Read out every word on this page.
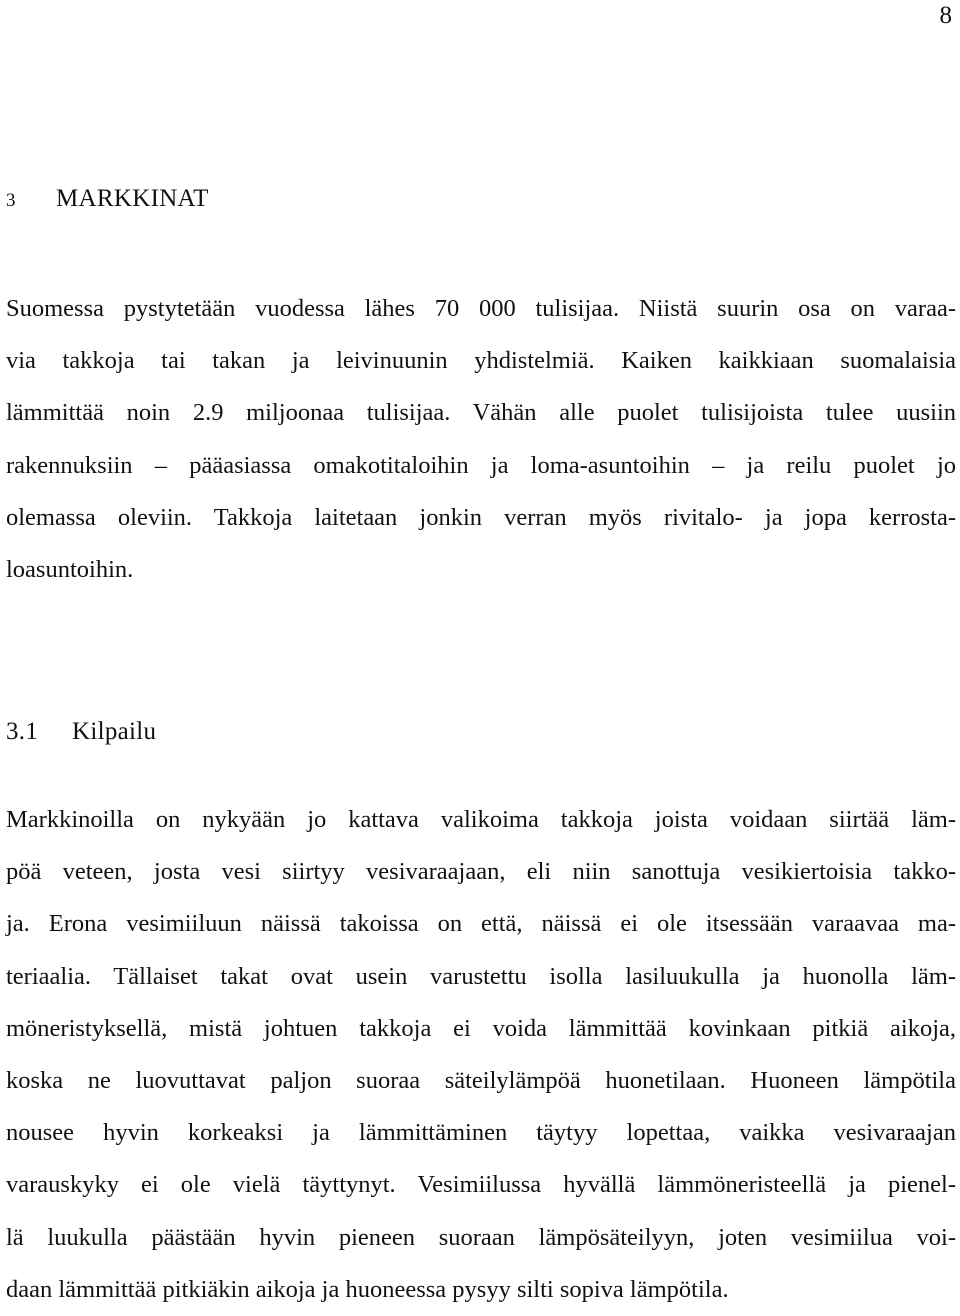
8
3 MARKKINAT
Suomessa pystytetään vuodessa lähes 70 000 tulisijaa. Niistä suurin osa on varaa-
via takkoja tai takan ja leivinuunin yhdistelmiä. Kaiken kaikkiaan suomalaisia
lämmittää noin 2.9 miljoonaa tulisijaa. Vähän alle puolet tulisijoista tulee uusiin
rakennuksiin – pääasiassa omakotitaloihin ja loma-asuntoihin – ja reilu puolet jo
olemassa oleviin. Takkoja laitetaan jonkin verran myös rivitalo- ja jopa kerrosta-
loasuntoihin.
3.1 Kilpailu
Markkinoilla on nykyään jo kattava valikoima takkoja joista voidaan siirtää läm-
pöä veteen, josta vesi siirtyy vesivaraajaan, eli niin sanottuja vesikiertoisia takko-
ja. Erona vesimiiluun näissä takoissa on että, näissä ei ole itsessään varaavaa ma-
teriaalia. Tällaiset takat ovat usein varustettu isolla lasiluukulla ja huonolla läm-
möneristyksellä, mistä johtuen takkoja ei voida lämmittää kovinkaan pitkiä aikoja,
koska ne luovuttavat paljon suoraa säteilylämpöä huonetilaan. Huoneen lämpötila
nousee hyvin korkeaksi ja lämmittäminen täytyy lopettaa, vaikka vesivaraajan
varauskyky ei ole vielä täyttynyt. Vesimiilussa hyvällä lämmöneristeellä ja pienel-
lä luukulla päästään hyvin pieneen suoraan lämpösäteilyyn, joten vesimiilua voi-
daan lämmittää pitkiäkin aikoja ja huoneessa pysyy silti sopiva lämpötila.
